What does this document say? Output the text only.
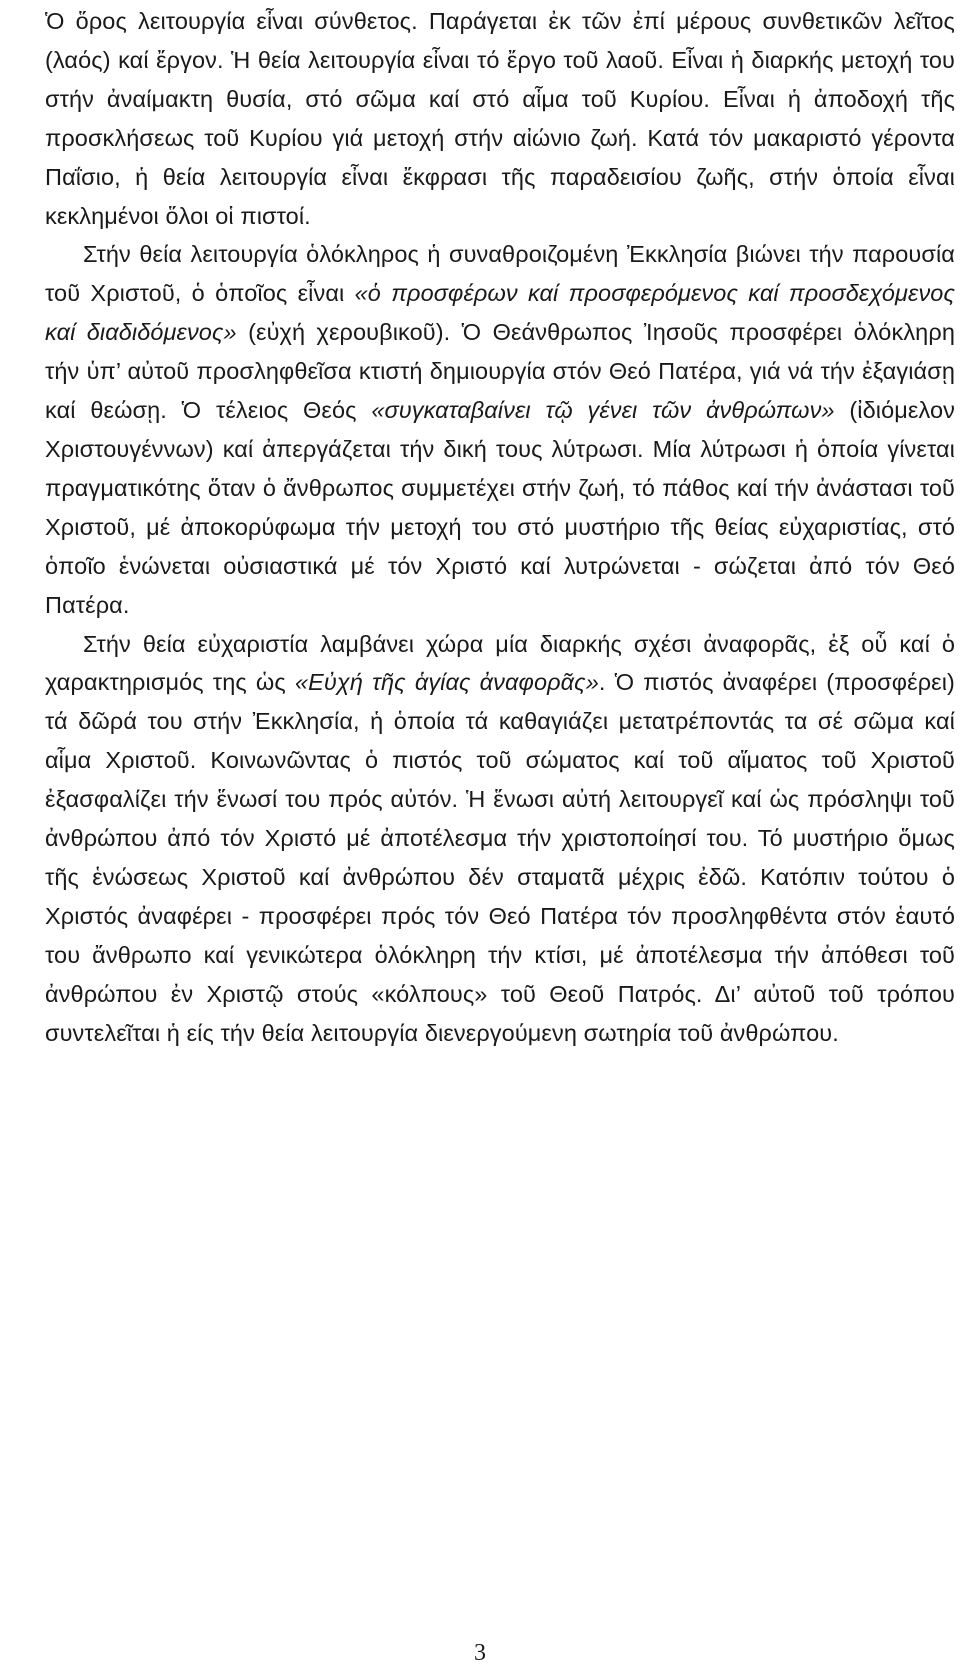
Ὁ ὅρος λειτουργία εἶναι σύνθετος. Παράγεται ἐκ τῶν ἐπί μέρους συνθετικῶν λεῖτος (λαός) καί ἔργον. Ἡ θεία λειτουργία εἶναι τό ἔργο τοῦ λαοῦ. Εἶναι ἡ διαρκής μετοχή του στήν ἀναίμακτη θυσία, στό σῶμα καί στό αἷμα τοῦ Κυρίου. Εἶναι ἡ ἀποδοχή τῆς προσκλήσεως τοῦ Κυρίου γιά μετοχή στήν αἰώνιο ζωή. Κατά τόν μακαριστό γέροντα Παΐσιο, ἡ θεία λειτουργία εἶναι ἔκφρασι τῆς παραδεισίου ζωῆς, στήν ὁποία εἶναι κεκλημένοι ὅλοι οἱ πιστοί.

Στήν θεία λειτουργία ὁλόκληρος ἡ συναθροιζομένη Ἐκκλησία βιώνει τήν παρουσία τοῦ Χριστοῦ, ὁ ὁποῖος εἶναι «ὁ προσφέρων καί προσφερόμενος καί προσδεχόμενος καί διαδιδόμενος» (εὐχή χερουβικοῦ). Ὁ Θεάνθρωπος Ἰησοῦς προσφέρει ὁλόκληρη τήν ὑπ’ αὐτοῦ προσληφθεῖσα κτιστή δημιουργία στόν Θεό Πατέρα, γιά νά τήν ἐξαγιάσῃ καί θεώσῃ. Ὁ τέλειος Θεός «συγκαταβαίνει τῷ γένει τῶν ἀνθρώπων» (ἰδιόμελον Χριστουγέννων) καί ἀπεργάζεται τήν δική τους λύτρωσι. Μία λύτρωσι ἡ ὁποία γίνεται πραγματικότης ὅταν ὁ ἄνθρωπος συμμετέχει στήν ζωή, τό πάθος καί τήν ἀνάστασι τοῦ Χριστοῦ, μέ ἀποκορύφωμα τήν μετοχή του στό μυστήριο τῆς θείας εὐχαριστίας, στό ὁποῖο ἑνώνεται οὐσιαστικά μέ τόν Χριστό καί λυτρώνεται - σώζεται ἀπό τόν Θεό Πατέρα.

Στήν θεία εὐχαριστία λαμβάνει χώρα μία διαρκής σχέσι ἀναφορᾶς, ἐξ οὗ καί ὁ χαρακτηρισμός της ὡς «Εὐχή τῆς ἁγίας ἀναφορᾶς». Ὁ πιστός ἀναφέρει (προσφέρει) τά δῶρά του στήν Ἐκκλησία, ἡ ὁποία τά καθαγιάζει μετατρέποντάς τα σέ σῶμα καί αἷμα Χριστοῦ. Κοινωνῶντας ὁ πιστός τοῦ σώματος καί τοῦ αἵματος τοῦ Χριστοῦ ἐξασφαλίζει τήν ἕνωσί του πρός αὐτόν. Ἡ ἕνωσι αὐτή λειτουργεῖ καί ὡς πρόσληψι τοῦ ἀνθρώπου ἀπό τόν Χριστό μέ ἀποτέλεσμα τήν χριστοποίησί του. Τό μυστήριο ὅμως τῆς ἑνώσεως Χριστοῦ καί ἀνθρώπου δέν σταματᾶ μέχρις ἐδῶ. Κατόπιν τούτου ὁ Χριστός ἀναφέρει - προσφέρει πρός τόν Θεό Πατέρα τόν προσληφθέντα στόν ἑαυτό του ἄνθρωπο καί γενικώτερα ὁλόκληρη τήν κτίσι, μέ ἀποτέλεσμα τήν ἀπόθεσι τοῦ ἀνθρώπου ἐν Χριστῷ στούς «κόλπους» τοῦ Θεοῦ Πατρός. Δι’ αὐτοῦ τοῦ τρόπου συντελεῖται ἡ είς τήν θεία λειτουργία διενεργούμενη σωτηρία τοῦ ἀνθρώπου.

3
